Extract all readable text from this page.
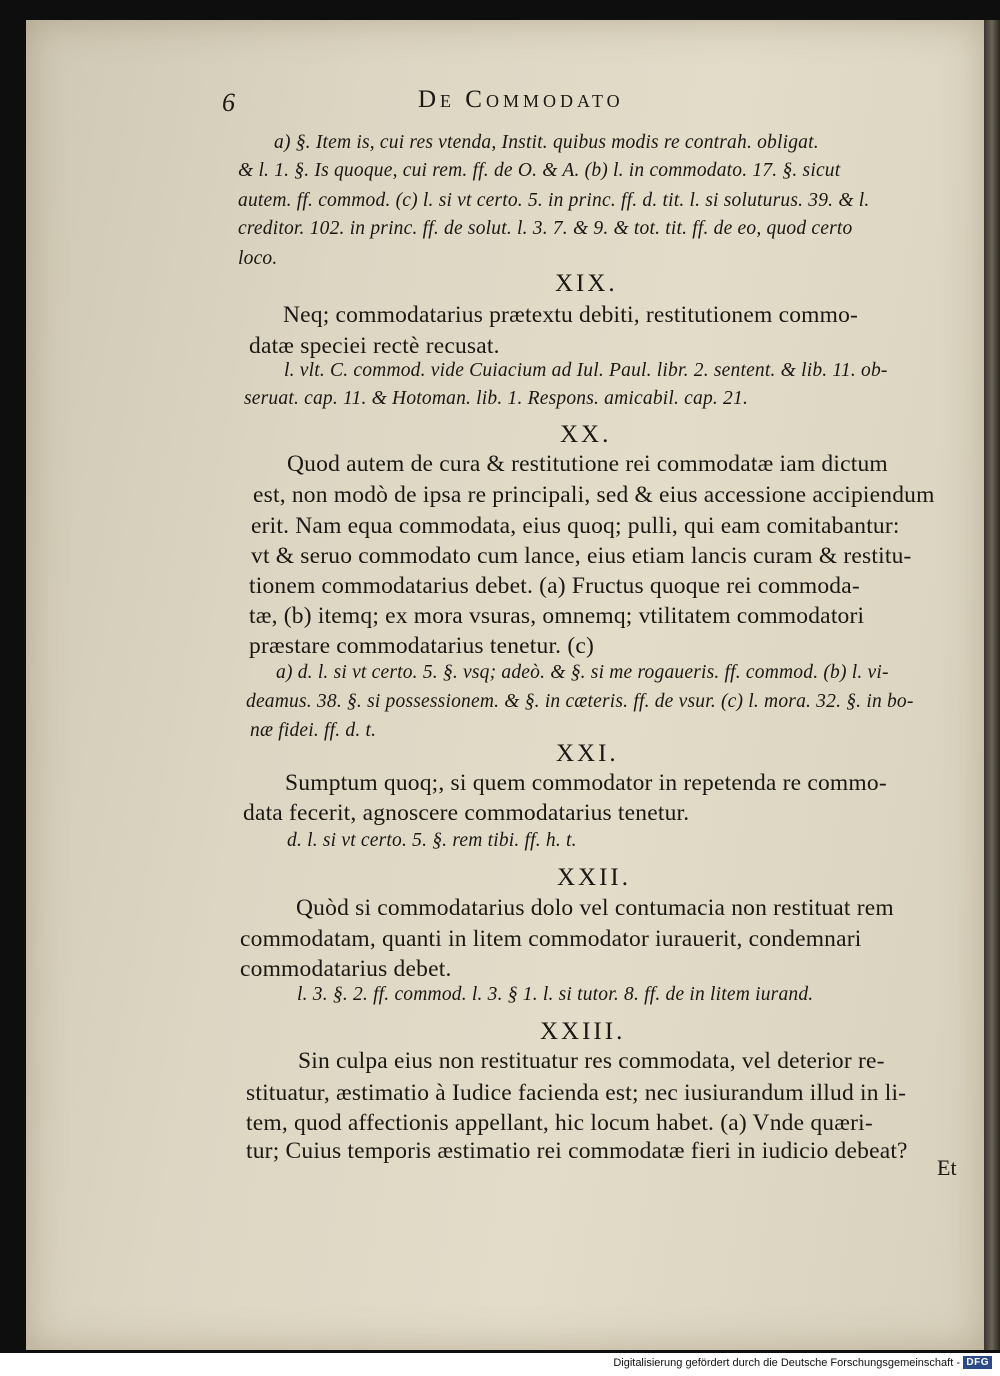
6	De Commodato
a) §. Item is, cui res vtenda, Instit. quibus modis re contrah. obligat.
& l. 1. §. Is quoque, cui rem. ff. de O. & A. (b) l. in commodato. 17. §. sicut
autem. ff. commod. (c) l. si vt certo. 5. in princ. ff. d. tit. l. si soluturus. 39. & l.
creditor. 102. in princ. ff. de solut. l. 3. 7. & 9. & tot. tit. ff. de eo, quod certo
loco.
XIX.
Neq; commodatarius prætextu debiti, restitutionem commo-
datæ speciei rectè recusat.
l. vlt. C. commod. vide Cuiacium ad Iul. Paul. libr. 2. sentent. & lib. 11. ob-
seruat. cap. 11. & Hotoman. lib. 1. Respons. amicabil. cap. 21.
XX.
Quod autem de cura & restitutione rei commodatæ iam dictum
est, non modò de ipsa re principali, sed & eius accessione accipiendum
erit. Nam equa commodata, eius quoq; pulli, qui eam comitabantur:
vt & seruo commodato cum lance, eius etiam lancis curam & restitu-
tionem commodatarius debet. (a) Fructus quoque rei commoda-
tæ, (b) itemq; ex mora vsuras, omnemq; vtilitatem commodatori
præstare commodatarius tenetur. (c)
a) d. l. si vt certo. 5. §. vsq; adeò. & §. si me rogaueris. ff. commod. (b) l. vi-
deamus. 38. §. si possessionem. & §. in cæteris. ff. de vsur. (c) l. mora. 32. §. in bo-
næ fidei. ff. d. t.
XXI.
Sumptum quoq;, si quem commodator in repetenda re commo-
data fecerit, agnoscere commodatarius tenetur.
d. l. si vt certo. 5. §. rem tibi. ff. h. t.
XXII.
Quòd si commodatarius dolo vel contumacia non restituat rem
commodatam, quanti in litem commodator iurauerit, condemnari
commodatarius debet.
l. 3. §. 2. ff. commod. l. 3. § 1. l. si tutor. 8. ff. de in litem iurand.
XXIII.
Sin culpa eius non restituatur res commodata, vel deterior re-
stituatur, æstimatio à Iudice facienda est; nec iusiurandum illud in li-
tem, quod affectionis appellant, hic locum habet. (a) Vnde quæri-
tur; Cuius temporis æstimatio rei commodatæ fieri in iudicio debeat?
Et
Digitalisierung gefördert durch die Deutsche Forschungsgemeinschaft - DFG
